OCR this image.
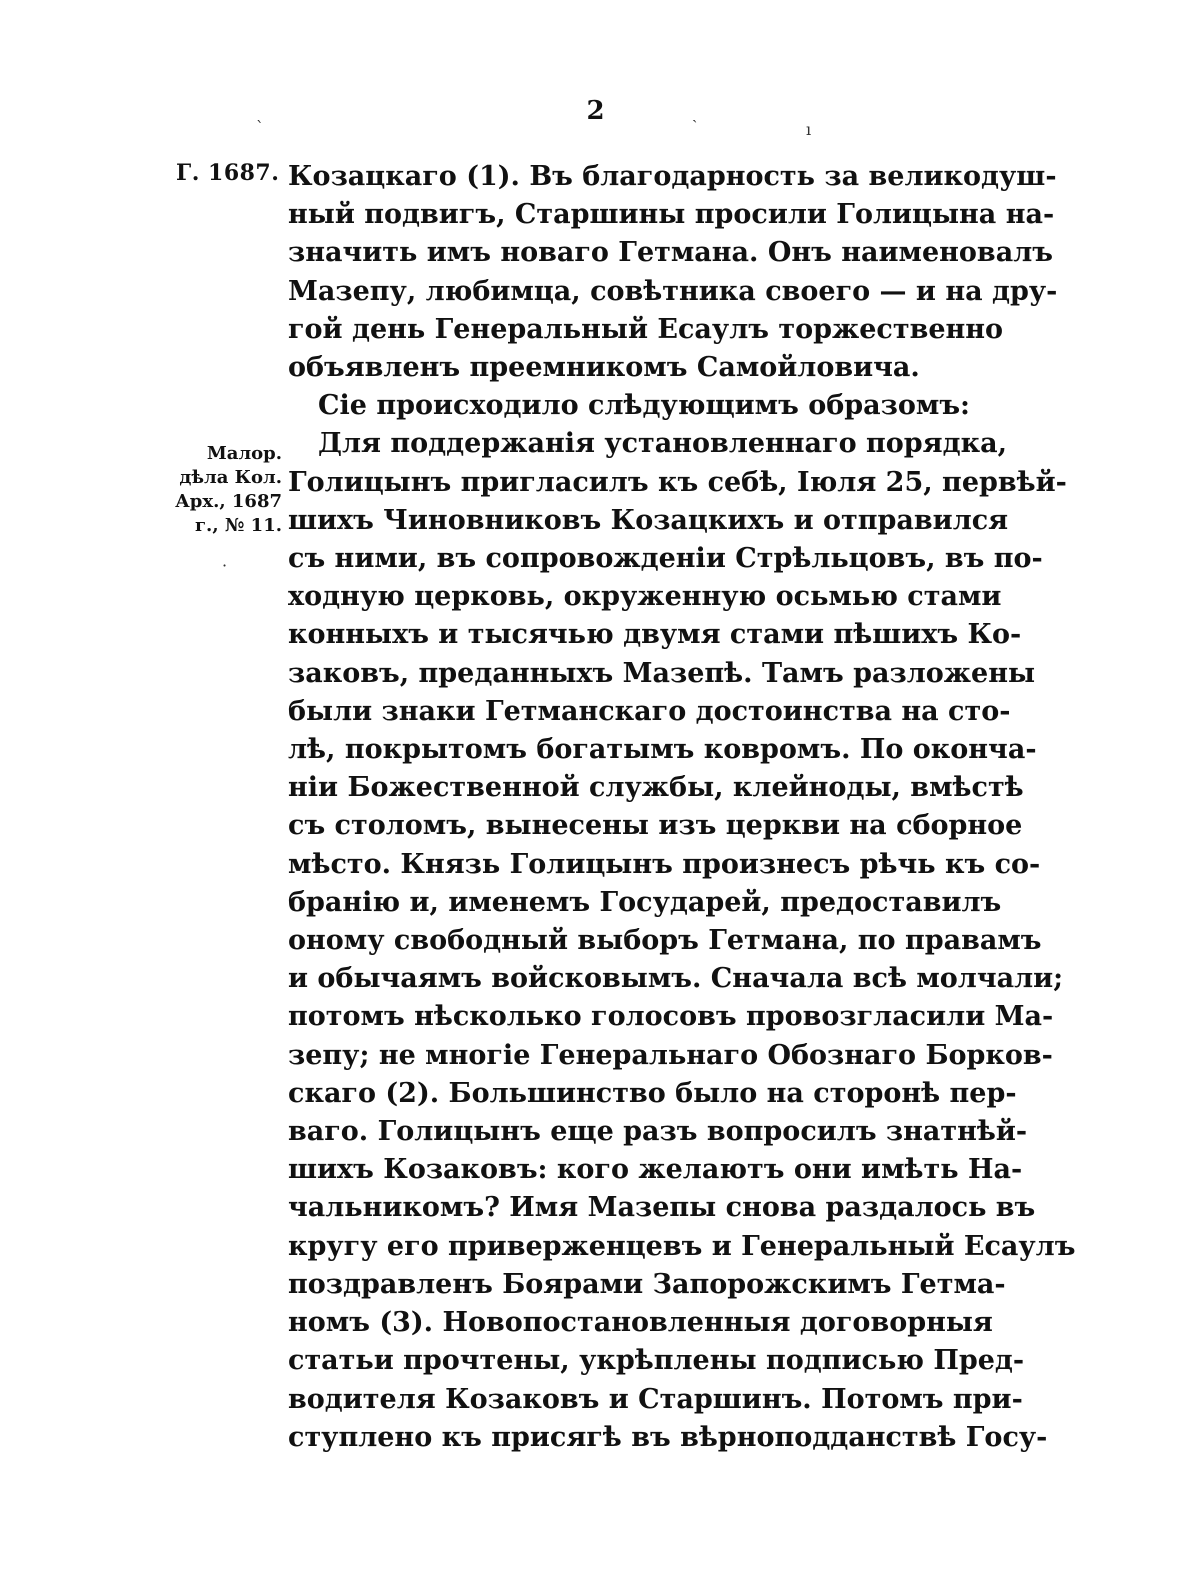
2
ˋ
ˏ
ı
·
Г. 1687.
Малор.
дѣла Кол.
Арх., 1687
г., № 11.
Козацкаго (1). Въ благодарность за великодуш-
ный подвигъ, Старшины просили Голицына на-
значить имъ новаго Гетмана. Онъ наименовалъ
Мазепу, любимца, совѣтника своего — и на дру-
гой день Генеральный Есаулъ торжественно
объявленъ преемникомъ Самойловича.
Сіе происходило слѣдующимъ образомъ:
Для поддержанія установленнаго порядка,
Голицынъ пригласилъ къ себѣ, Іюля 25, первѣй-
шихъ Чиновниковъ Козацкихъ и отправился
съ ними, въ сопровожденіи Стрѣльцовъ, въ по-
ходную церковь, окруженную осьмью стами
конныхъ и тысячью двумя стами пѣшихъ Ко-
заковъ, преданныхъ Мазепѣ. Тамъ разложены
были знаки Гетманскаго достоинства на сто-
лѣ, покрытомъ богатымъ ковромъ. По оконча-
ніи Божественной службы, клейноды, вмѣстѣ
съ столомъ, вынесены изъ церкви на сборное
мѣсто. Князь Голицынъ произнесъ рѣчь къ со-
бранію и, именемъ Государей, предоставилъ
оному свободный выборъ Гетмана, по правамъ
и обычаямъ войсковымъ. Сначала всѣ молчали;
потомъ нѣсколько голосовъ провозгласили Ма-
зепу; не многіе Генеральнаго Обознаго Борков-
скаго (2). Большинство было на сторонѣ пер-
ваго. Голицынъ еще разъ вопросилъ знатнѣй-
шихъ Козаковъ: кого желаютъ они имѣть На-
чальникомъ? Имя Мазепы снова раздалось въ
кругу его приверженцевъ и Генеральный Есаулъ
поздравленъ Боярами Запорожскимъ Гетма-
номъ (3). Новопостановленныя договорныя
статьи прочтены, укрѣплены подписью Пред-
водителя Козаковъ и Старшинъ. Потомъ при-
ступлено къ присягѣ въ вѣрноподданствѣ Госу-
